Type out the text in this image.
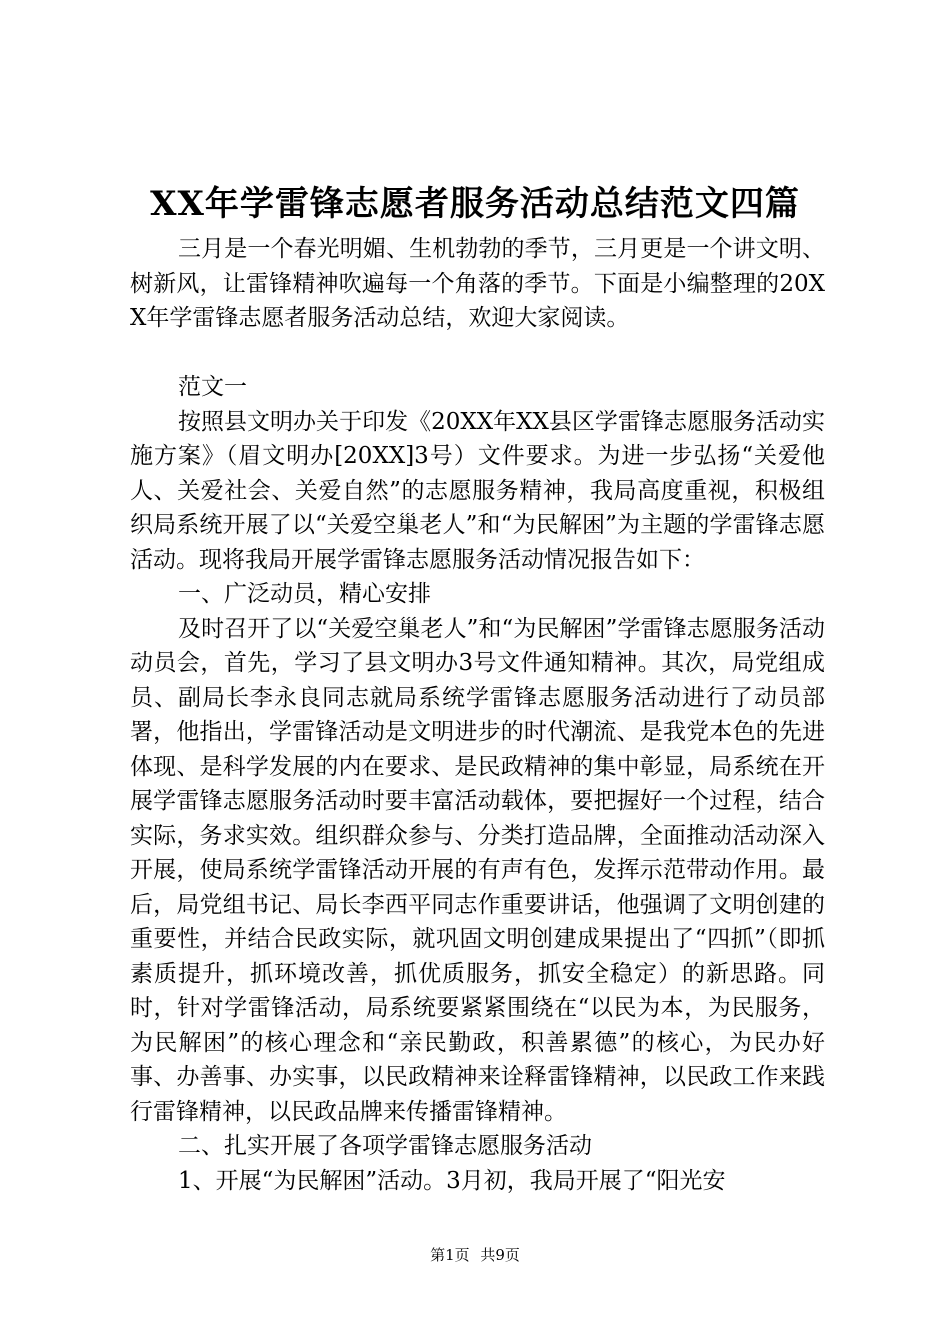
XX年学雷锋志愿者服务活动总结范文四篇

三月是一个春光明媚、生机勃勃的季节，三月更是一个讲文明、树新风，让雷锋精神吹遍每一个角落的季节。下面是小编整理的20XX年学雷锋志愿者服务活动总结，欢迎大家阅读。

范文一

按照县文明办关于印发《20XX年XX县区学雷锋志愿服务活动实施方案》（眉文明办[20XX]3号）文件要求。为进一步弘扬“关爱他人、关爱社会、关爱自然”的志愿服务精神，我局高度重视，积极组织局系统开展了以“关爱空巢老人”和“为民解困”为主题的学雷锋志愿活动。现将我局开展学雷锋志愿服务活动情况报告如下：

一、广泛动员，精心安排

及时召开了以“关爱空巢老人”和“为民解困”学雷锋志愿服务活动动员会，首先，学习了县文明办3号文件通知精神。其次，局党组成员、副局长李永良同志就局系统学雷锋志愿服务活动进行了动员部署，他指出，学雷锋活动是文明进步的时代潮流、是我党本色的先进体现、是科学发展的内在要求、是民政精神的集中彰显，局系统在开展学雷锋志愿服务活动时要丰富活动载体，要把握好一个过程，结合实际，务求实效。组织群众参与、分类打造品牌，全面推动活动深入开展，使局系统学雷锋活动开展的有声有色，发挥示范带动作用。最后，局党组书记、局长李西平同志作重要讲话，他强调了文明创建的重要性，并结合民政实际，就巩固文明创建成果提出了“四抓”（即抓素质提升，抓环境改善，抓优质服务，抓安全稳定）的新思路。同时，针对学雷锋活动，局系统要紧紧围绕在“以民为本，为民服务，为民解困”的核心理念和“亲民勤政，积善累德”的核心，为民办好事、办善事、办实事，以民政精神来诠释雷锋精神，以民政工作来践行雷锋精神，以民政品牌来传播雷锋精神。

二、扎实开展了各项学雷锋志愿服务活动

1、开展“为民解困”活动。3月初，我局开展了“阳光安

第1页 共9页
